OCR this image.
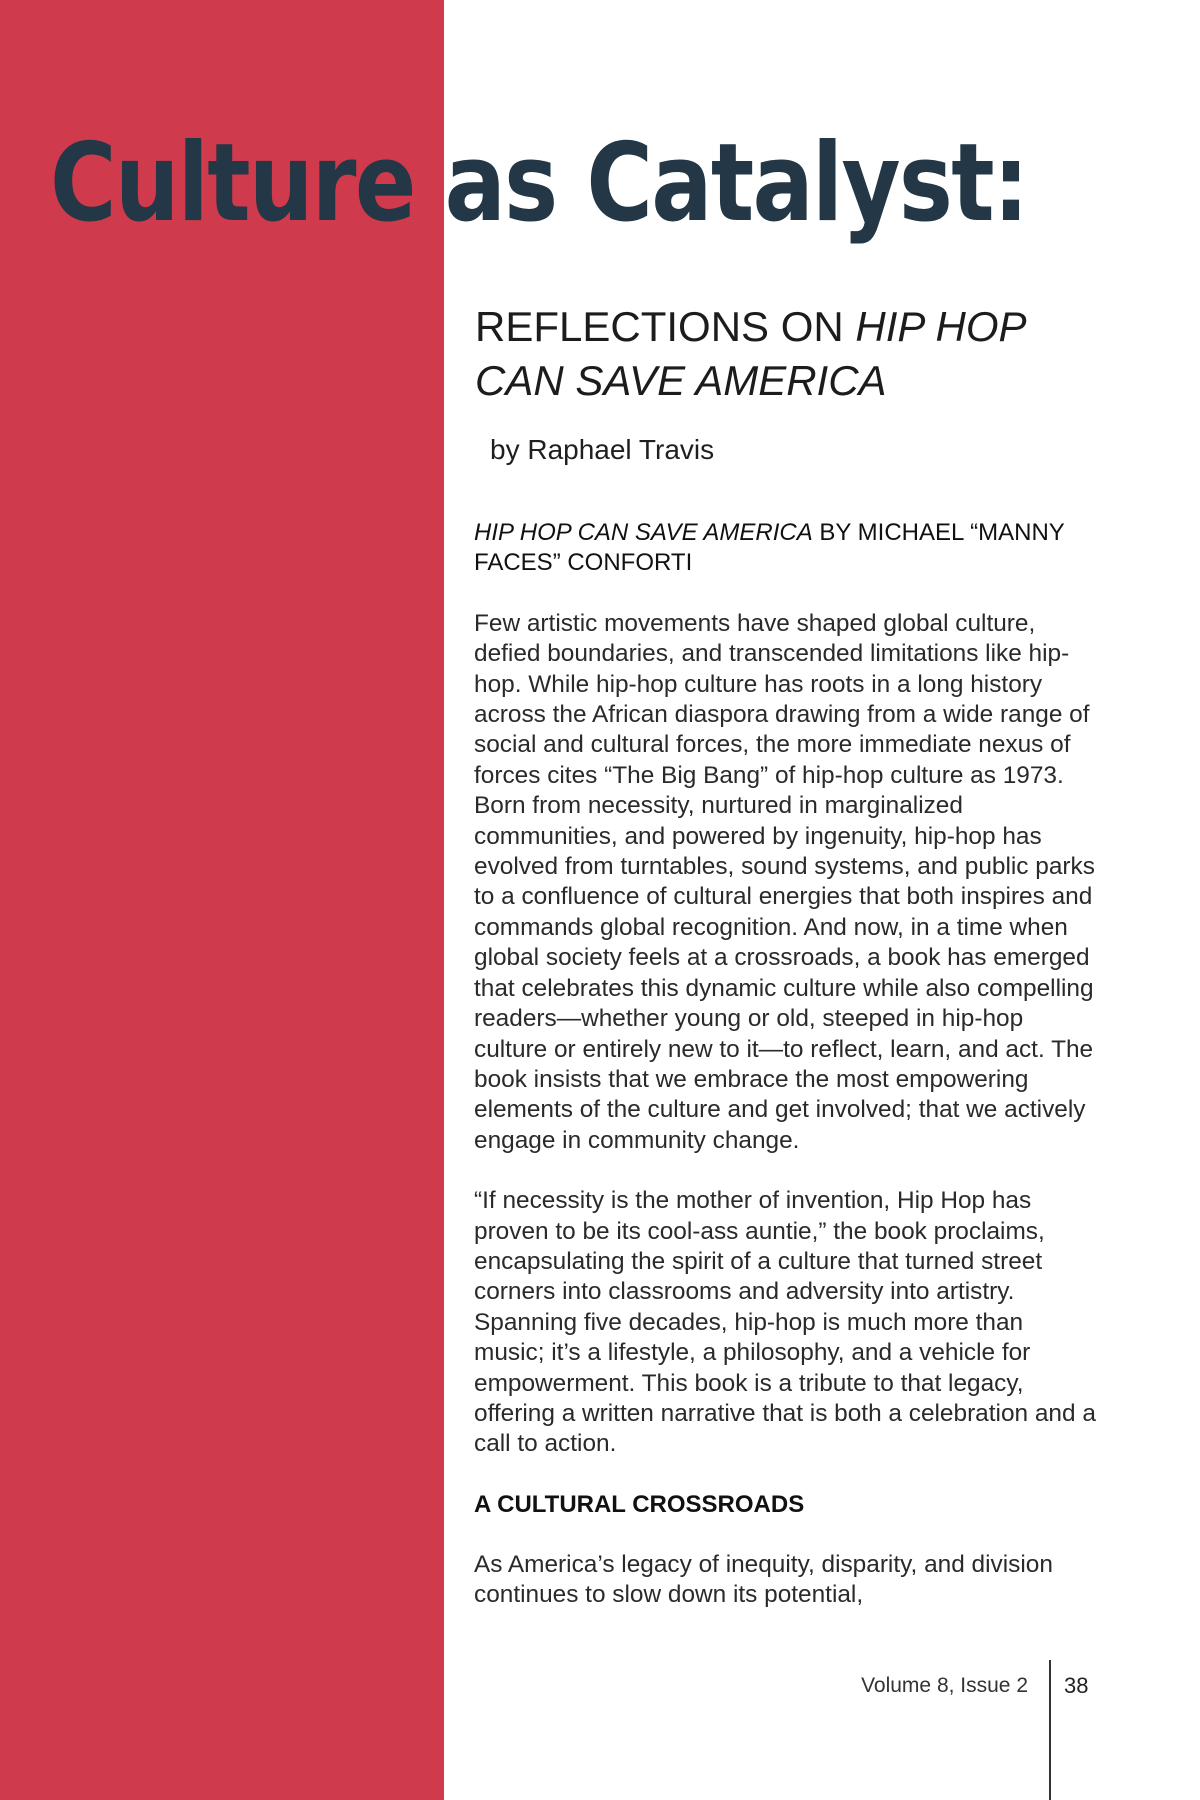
Culture as Catalyst:
REFLECTIONS ON HIP HOP CAN SAVE AMERICA

by Raphael Travis

HIP HOP CAN SAVE AMERICA BY MICHAEL “MANNY FACES” CONFORTI

Few artistic movements have shaped global culture, defied boundaries, and transcended limitations like hip-hop. While hip-hop culture has roots in a long history across the African diaspora drawing from a wide range of social and cultural forces, the more immediate nexus of forces cites “The Big Bang” of hip-hop culture as 1973. Born from necessity, nurtured in marginalized communities, and powered by ingenuity, hip-hop has evolved from turntables, sound systems, and public parks to a confluence of cultural energies that both inspires and commands global recognition. And now, in a time when global society feels at a crossroads, a book has emerged that celebrates this dynamic culture while also compelling readers—whether young or old, steeped in hip-hop culture or entirely new to it—to reflect, learn, and act. The book insists that we embrace the most empowering elements of the culture and get involved; that we actively engage in community change.

“If necessity is the mother of invention, Hip Hop has proven to be its cool-ass auntie,” the book proclaims, encapsulating the spirit of a culture that turned street corners into classrooms and adversity into artistry. Spanning five decades, hip-hop is much more than music; it’s a lifestyle, a philosophy, and a vehicle for empowerment. This book is a tribute to that legacy, offering a written narrative that is both a celebration and a call to action.

A CULTURAL CROSSROADS

As America’s legacy of inequity, disparity, and division continues to slow down its potential,

Volume 8, Issue 2 38
